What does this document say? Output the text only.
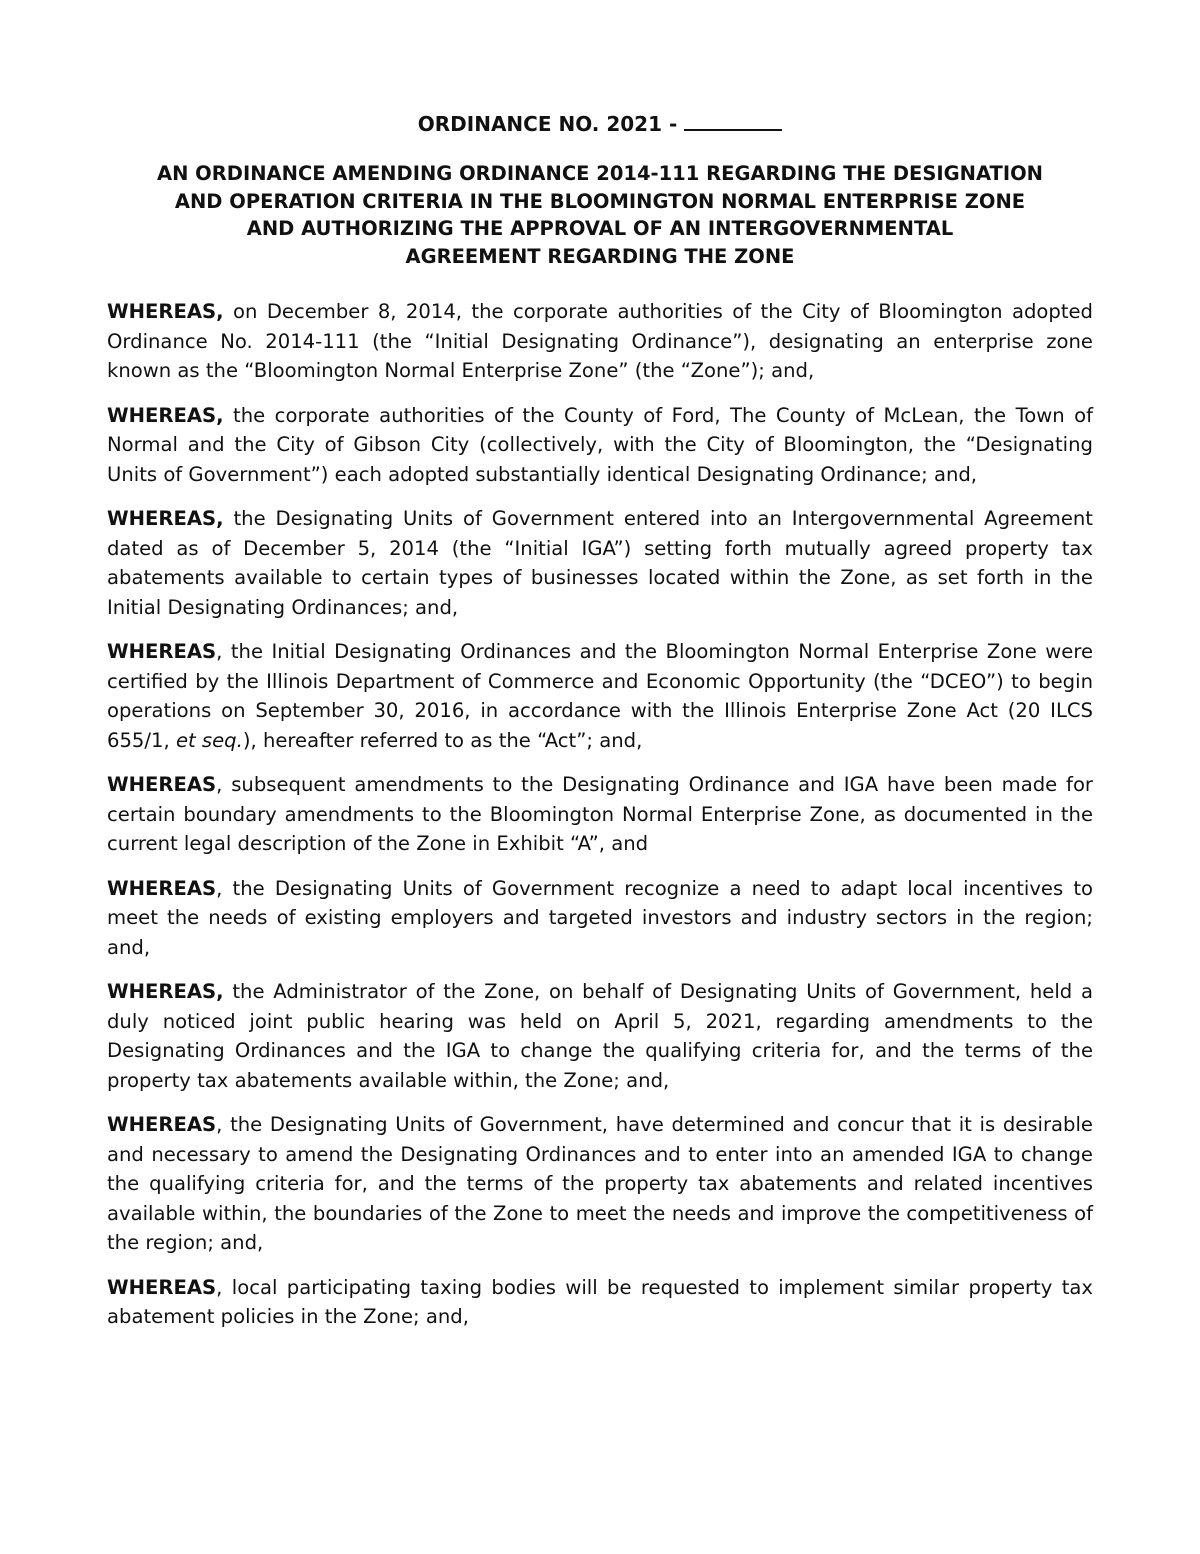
ORDINANCE NO. 2021 -
AN ORDINANCE AMENDING ORDINANCE 2014-111 REGARDING THE DESIGNATION
AND OPERATION CRITERIA IN THE BLOOMINGTON NORMAL ENTERPRISE ZONE
AND AUTHORIZING THE APPROVAL OF AN INTERGOVERNMENTAL
AGREEMENT REGARDING THE ZONE

WHEREAS, on December 8, 2014, the corporate authorities of the City of Bloomington adopted Ordinance No. 2014-111 (the “Initial Designating Ordinance”), designating an enterprise zone known as the “Bloomington Normal Enterprise Zone” (the “Zone”); and,

WHEREAS, the corporate authorities of the County of Ford, The County of McLean, the Town of Normal and the City of Gibson City (collectively, with the City of Bloomington, the “Designating Units of Government”) each adopted substantially identical Designating Ordinance; and,

WHEREAS, the Designating Units of Government entered into an Intergovernmental Agreement dated as of December 5, 2014 (the “Initial IGA”) setting forth mutually agreed property tax abatements available to certain types of businesses located within the Zone, as set forth in the Initial Designating Ordinances; and,

WHEREAS, the Initial Designating Ordinances and the Bloomington Normal Enterprise Zone were certified by the Illinois Department of Commerce and Economic Opportunity (the “DCEO”) to begin operations on September 30, 2016, in accordance with the Illinois Enterprise Zone Act (20 ILCS 655/1, et seq.), hereafter referred to as the “Act”; and,

WHEREAS, subsequent amendments to the Designating Ordinance and IGA have been made for certain boundary amendments to the Bloomington Normal Enterprise Zone, as documented in the current legal description of the Zone in Exhibit “A”, and

WHEREAS, the Designating Units of Government recognize a need to adapt local incentives to meet the needs of existing employers and targeted investors and industry sectors in the region; and,

WHEREAS, the Administrator of the Zone, on behalf of Designating Units of Government, held a duly noticed joint public hearing was held on April 5, 2021, regarding amendments to the Designating Ordinances and the IGA to change the qualifying criteria for, and the terms of the property tax abatements available within, the Zone; and,

WHEREAS, the Designating Units of Government, have determined and concur that it is desirable and necessary to amend the Designating Ordinances and to enter into an amended IGA to change the qualifying criteria for, and the terms of the property tax abatements and related incentives available within, the boundaries of the Zone to meet the needs and improve the competitiveness of the region; and,

WHEREAS, local participating taxing bodies will be requested to implement similar property tax abatement policies in the Zone; and,
